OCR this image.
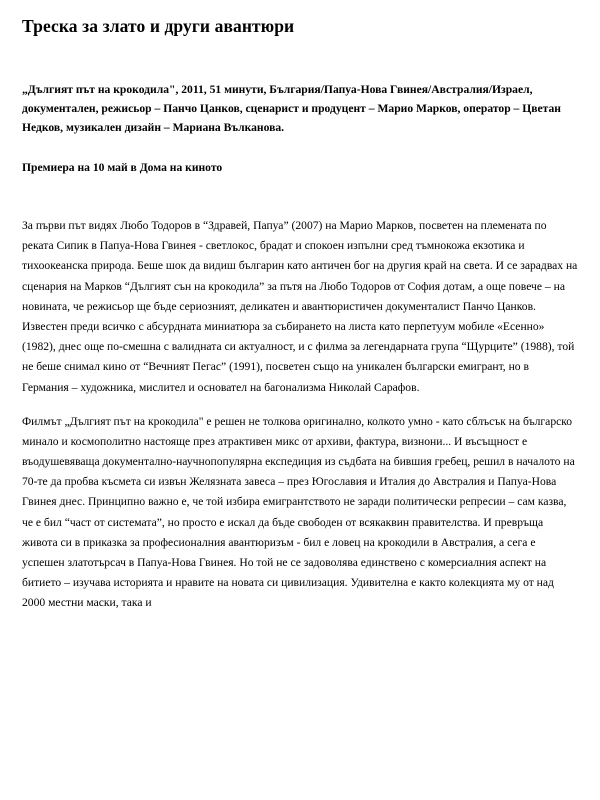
Треска за злато и други авантюри

„Дългият път на крокодила", 2011, 51 минути, България/Папуа-Нова Гвинея/Австралия/Израел, документален, режисьор – Панчо Цанков, сценарист и продуцент – Марио Марков, оператор – Цветан Недков, музикален дизайн – Мариана Вълканова.

Премиера на 10 май в Дома на киното

За първи път видях Любо Тодоров в “Здравей, Папуа” (2007) на Марио Марков, посветен на племената по реката Сипик в Папуа-Нова Гвинея - светлокос, брадат и спокоен изпълни сред тъмнокожа екзотика и тихоокеанска природа. Беше шок да видиш българин като античен бог на другия край на света. И се зарадвах на сценария на Марков “Дългият сън на крокодила” за пътя на Любо Тодоров от София дотам, а още повече – на новината, че режисьор ще бъде сериозният, деликатен и авантюристичен документалист Панчо Цанков. Известен преди всичко с абсурдната миниатюра за събирането на листа като перпетуум мобиле «Есенно» (1982), днес още по-смешна с валидната си актуалност, и с филма за легендарната група “Щурците” (1988), той не беше снимал кино от “Вечният Пегас” (1991), посветен също на уникален български емигрант, но в Германия – художника, мислител и основател на багонализма Николай Сарафов.

Филмът „Дългият път на крокодила" е решен не толкова оригинално, колкото умно - като сблъсък на българско минало и космополитно настояще през атрактивен микс от архиви, фактура, визнони... И въсъщност е въодушевяваща документално-научнопопулярна експедиция из съдбата на бившия гребец, решил в началото на 70-те да пробва късмета си извън Желязната завеса – през Югославия и Италия до Австралия и Папуа-Нова Гвинея днес. Принципно важно е, че той избира емигрантството не заради политически репресии – сам казва, че е бил “част от системата”, но просто е искал да бъде свободен от всякаквин правителства. И превръща живота си в приказка за професионалния авантюризъм - бил е ловец на крокодили в Австралия, а сега е успешен златотърсач в Папуа-Нова Гвинея. Но той не се задоволява единствено с комерсиалния аспект на битието – изучава историята и нравите на новата си цивилизация. Удивителна е както колекцията му от над 2000 местни маски, така и
